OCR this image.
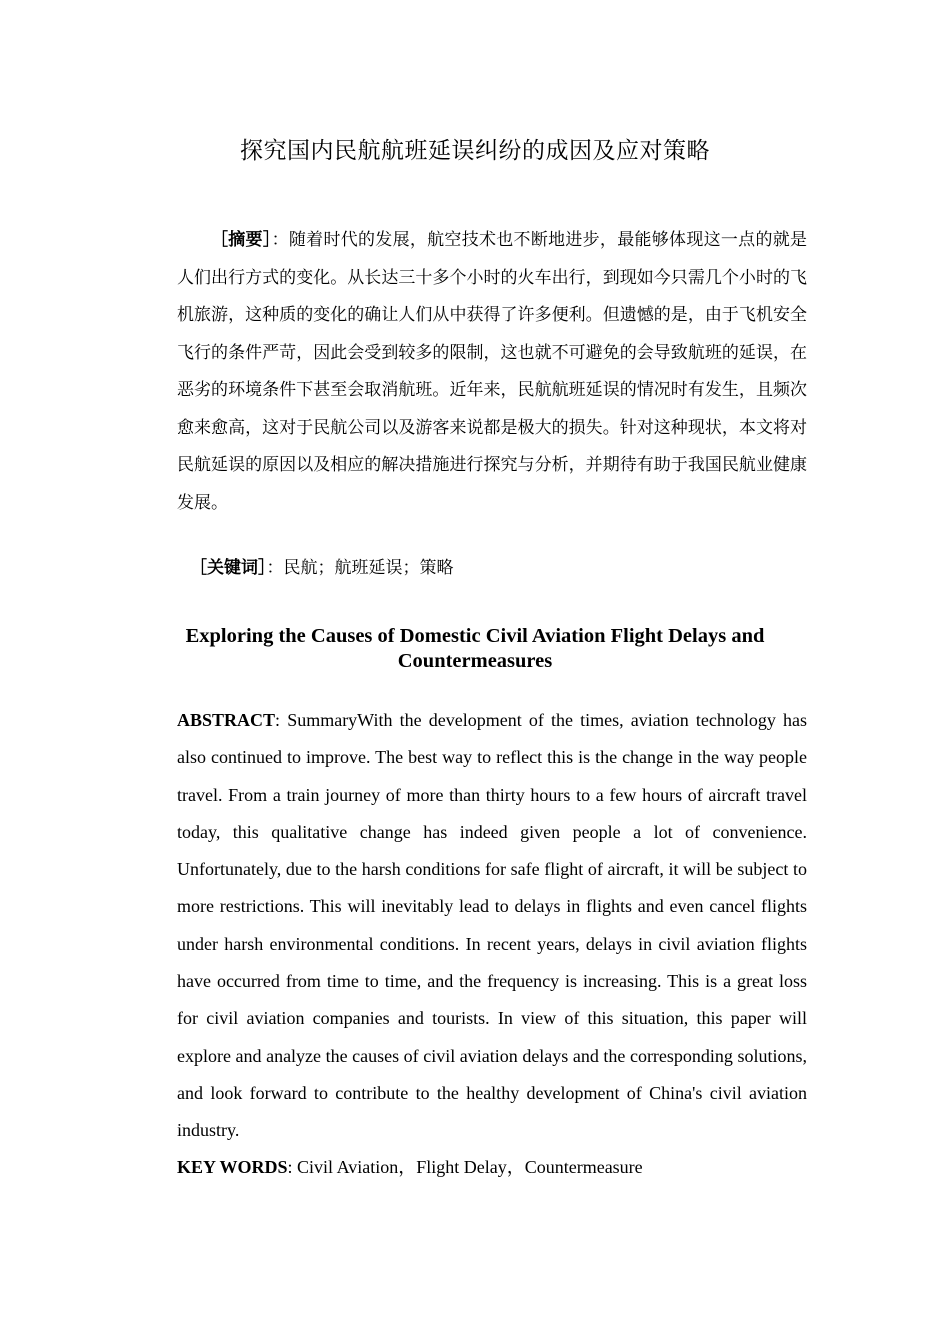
探究国内民航航班延误纠纷的成因及应对策略
［摘要］：随着时代的发展，航空技术也不断地进步，最能够体现这一点的就是人们出行方式的变化。从长达三十多个小时的火车出行，到现如今只需几个小时的飞机旅游，这种质的变化的确让人们从中获得了许多便利。但遗憾的是，由于飞机安全飞行的条件严苛，因此会受到较多的限制，这也就不可避免的会导致航班的延误，在恶劣的环境条件下甚至会取消航班。近年来，民航航班延误的情况时有发生，且频次愈来愈高，这对于民航公司以及游客来说都是极大的损失。针对这种现状，本文将对民航延误的原因以及相应的解决措施进行探究与分析，并期待有助于我国民航业健康发展。
［关键词］：民航；航班延误；策略
Exploring the Causes of Domestic Civil Aviation Flight Delays and Countermeasures
ABSTRACT: SummaryWith the development of the times, aviation technology has also continued to improve. The best way to reflect this is the change in the way people travel. From a train journey of more than thirty hours to a few hours of aircraft travel today, this qualitative change has indeed given people a lot of convenience. Unfortunately, due to the harsh conditions for safe flight of aircraft, it will be subject to more restrictions. This will inevitably lead to delays in flights and even cancel flights under harsh environmental conditions. In recent years, delays in civil aviation flights have occurred from time to time, and the frequency is increasing. This is a great loss for civil aviation companies and tourists. In view of this situation, this paper will explore and analyze the causes of civil aviation delays and the corresponding solutions, and look forward to contribute to the healthy development of China's civil aviation industry.
KEY WORDS: Civil Aviation，Flight Delay，Countermeasure
